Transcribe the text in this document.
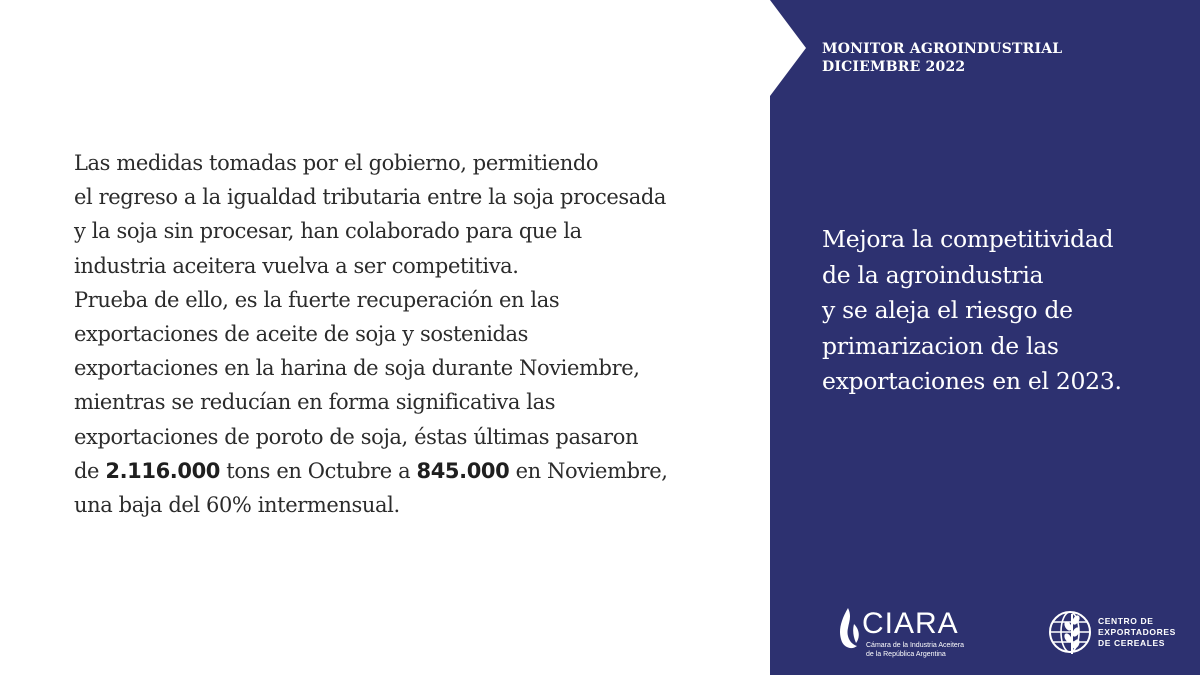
Las medidas tomadas por el gobierno, permitiendo
el regreso a la igualdad tributaria entre la soja procesada
y la soja sin procesar, han colaborado para que la
industria aceitera vuelva a ser competitiva.
Prueba de ello, es la fuerte recuperación en las
exportaciones de aceite de soja y sostenidas
exportaciones en la harina de soja durante Noviembre,
mientras se reducían en forma significativa las
exportaciones de poroto de soja, éstas últimas pasaron
de 2.116.000 tons en Octubre a 845.000 en Noviembre,
una baja del 60% intermensual.
MONITOR AGROINDUSTRIAL
DICIEMBRE 2022
Mejora la competitividad
de la agroindustria
y se aleja el riesgo de
primarizacion de las
exportaciones en el 2023.
CIARA
Cámara de la Industria Aceitera
de la República Argentina
CENTRO DE
EXPORTADORES
DE CEREALES
